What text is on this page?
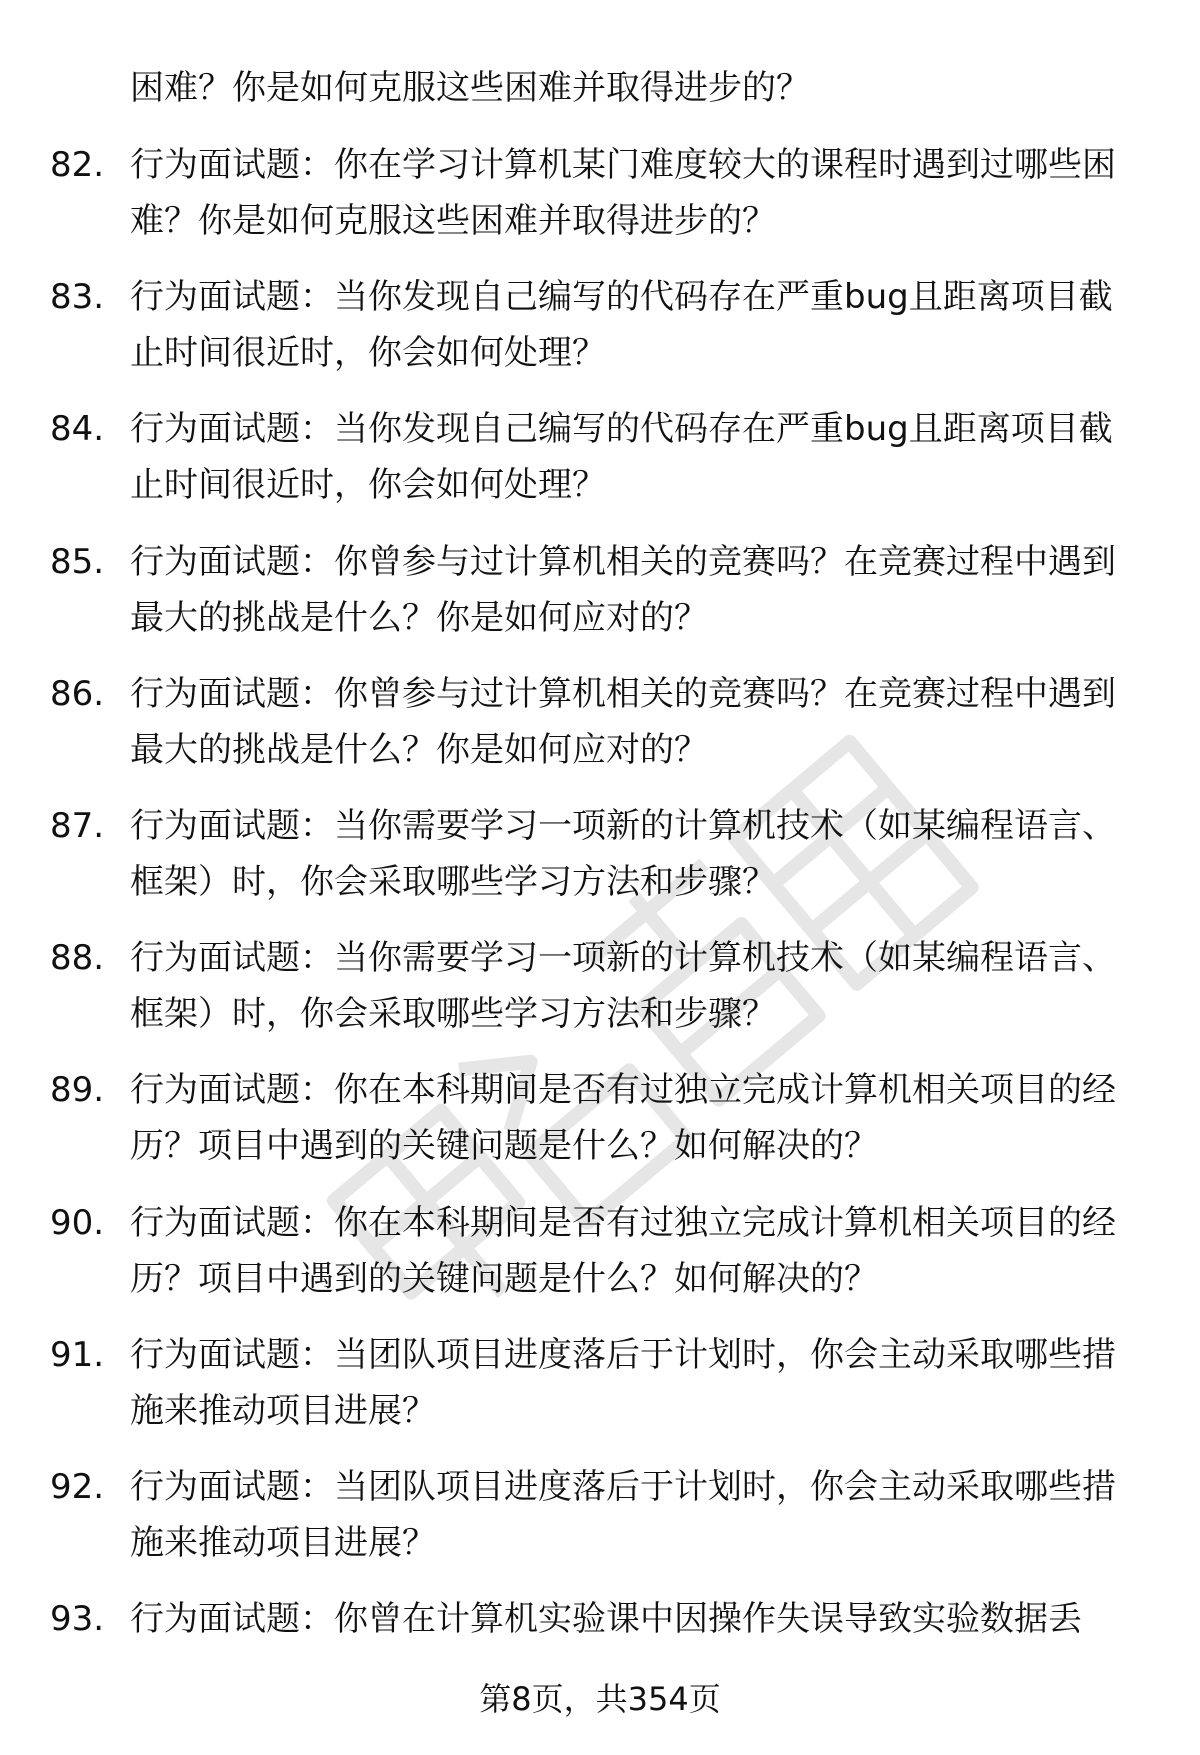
困难？你是如何克服这些困难并取得进步的？
82. 行为面试题：你在学习计算机某门难度较大的课程时遇到过哪些困难？你是如何克服这些困难并取得进步的？
83. 行为面试题：当你发现自己编写的代码存在严重bug且距离项目截止时间很近时，你会如何处理？
84. 行为面试题：当你发现自己编写的代码存在严重bug且距离项目截止时间很近时，你会如何处理？
85. 行为面试题：你曾参与过计算机相关的竞赛吗？在竞赛过程中遇到最大的挑战是什么？你是如何应对的？
86. 行为面试题：你曾参与过计算机相关的竞赛吗？在竞赛过程中遇到最大的挑战是什么？你是如何应对的？
87. 行为面试题：当你需要学习一项新的计算机技术（如某编程语言、框架）时，你会采取哪些学习方法和步骤？
88. 行为面试题：当你需要学习一项新的计算机技术（如某编程语言、框架）时，你会采取哪些学习方法和步骤？
89. 行为面试题：你在本科期间是否有过独立完成计算机相关项目的经历？项目中遇到的关键问题是什么？如何解决的？
90. 行为面试题：你在本科期间是否有过独立完成计算机相关项目的经历？项目中遇到的关键问题是什么？如何解决的？
91. 行为面试题：当团队项目进度落后于计划时，你会主动采取哪些措施来推动项目进展？
92. 行为面试题：当团队项目进度落后于计划时，你会主动采取哪些措施来推动项目进展？
93. 行为面试题：你曾在计算机实验课中因操作失误导致实验数据丢
第8页，共354页
